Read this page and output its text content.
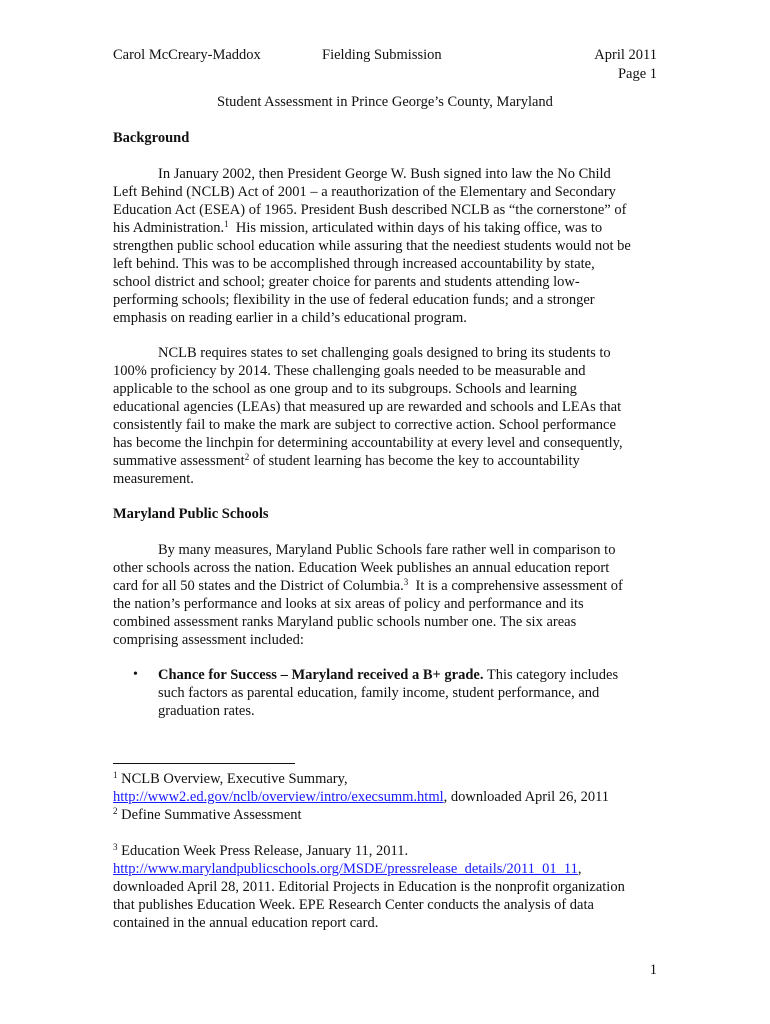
Carol McCreary-Maddox	Fielding Submission	April 2011
Page 1
Student Assessment in Prince George’s County, Maryland
Background
In January 2002, then President George W. Bush signed into law the No Child
Left Behind (NCLB) Act of 2001 – a reauthorization of the Elementary and Secondary
Education Act (ESEA) of 1965. President Bush described NCLB as “the cornerstone” of
his Administration.$^1$  His mission, articulated within days of his taking office, was to
strengthen public school education while assuring that the neediest students would not be
left behind. This was to be accomplished through increased accountability by state,
school district and school; greater choice for parents and students attending low-
performing schools; flexibility in the use of federal education funds; and a stronger
emphasis on reading earlier in a child’s educational program.
NCLB requires states to set challenging goals designed to bring its students to
100% proficiency by 2014. These challenging goals needed to be measurable and
applicable to the school as one group and to its subgroups. Schools and learning
educational agencies (LEAs) that measured up are rewarded and schools and LEAs that
consistently fail to make the mark are subject to corrective action. School performance
has become the linchpin for determining accountability at every level and consequently,
summative assessment$^2$ of student learning has become the key to accountability
measurement.
Maryland Public Schools
By many measures, Maryland Public Schools fare rather well in comparison to
other schools across the nation. Education Week publishes an annual education report
card for all 50 states and the District of Columbia.$^3$  It is a comprehensive assessment of
the nation’s performance and looks at six areas of policy and performance and its
combined assessment ranks Maryland public schools number one. The six areas
comprising assessment included:
• Chance for Success – Maryland received a B+ grade. This category includes
such factors as parental education, family income, student performance, and
graduation rates.
$^1$ NCLB Overview, Executive Summary,
http://www2.ed.gov/nclb/overview/intro/execsumm.html, downloaded April 26, 2011
$^2$ Define Summative Assessment
$^3$ Education Week Press Release, January 11, 2011.
http://www.marylandpublicschools.org/MSDE/pressrelease_details/2011_01_11,
downloaded April 28, 2011. Editorial Projects in Education is the nonprofit organization
that publishes Education Week. EPE Research Center conducts the analysis of data
contained in the annual education report card.
1
